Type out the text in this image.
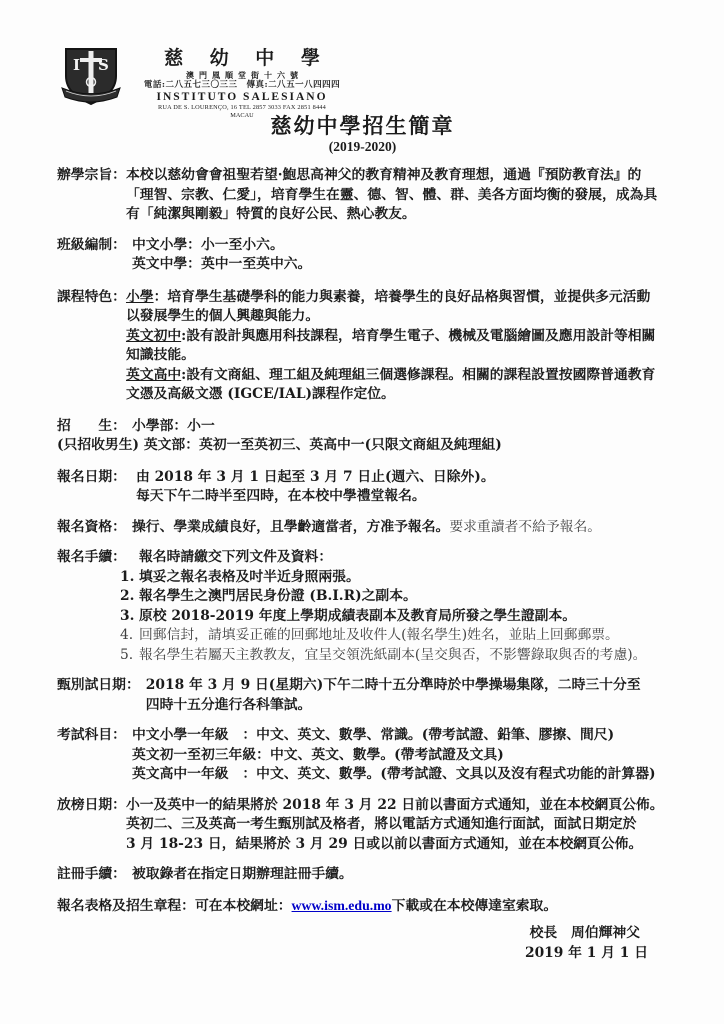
I S	慈 幼 中 學
澳門風順堂街十六號
電話:二八五七三〇三三　傳真:二八五一八四四四
INSTITUTO SALESIANO
RUA DE S. LOURENÇO, 16 TEL 2857 3033 FAX 2851 8444
MACAU 慈幼中學招生簡章
(2019-2020)
辦學宗旨： 本校以慈幼會會祖聖若望·鮑思高神父的教育精神及教育理想，通過『預防教育法』的
「理智、宗教、仁愛」，培育學生在靈、德、智、體、群、美各方面均衡的發展，成為具
有「純潔與剛毅」特質的良好公民、熱心教友。
班級編制： 中文小學：小一至小六。
英文中學：英中一至英中六。
課程特色： 小學：培育學生基礎學科的能力與素養，培養學生的良好品格與習慣，並提供多元活動
以發展學生的個人興趣與能力。
英文初中:設有設計與應用科技課程，培育學生電子、機械及電腦繪圖及應用設計等相關
知識技能。
英文高中:設有文商組、理工組及純理組三個選修課程。相關的課程設置按國際普通教育
文憑及高級文憑 (IGCE/IAL)課程作定位。
招　　生： 小學部：小一
(只招收男生) 英文部：英初一至英初三、英高中一(只限文商組及純理組)
報名日期： 由 2018 年 3 月 1 日起至 3 月 7 日止(週六、日除外)。
每天下午二時半至四時，在本校中學禮堂報名。
報名資格： 操行、學業成績良好，且學齡適當者，方准予報名。要求重讀者不給予報名。
報名手續： 報名時請繳交下列文件及資料：
1. 填妥之報名表格及吋半近身照兩張。
2. 報名學生之澳門居民身份證 (B.I.R)之副本。
3. 原校 2018-2019 年度上學期成績表副本及教育局所發之學生證副本。
4. 回郵信封，請填妥正確的回郵地址及收件人(報名學生)姓名，並貼上回郵郵票。
5. 報名學生若屬天主教教友，宜呈交領洗紙副本(呈交與否，不影響錄取與否的考慮)。
甄別試日期： 2018 年 3 月 9 日(星期六)下午二時十五分準時於中學操場集隊，二時三十分至
四時十五分進行各科筆試。
考試科目： 中文小學一年級　：中文、英文、數學、常識。(帶考試證、鉛筆、膠擦、間尺)
英文初一至初三年級：中文、英文、數學。(帶考試證及文具)
英文高中一年級　：中文、英文、數學。(帶考試證、文具以及沒有程式功能的計算器)
放榜日期： 小一及英中一的結果將於 2018 年 3 月 22 日前以書面方式通知，並在本校網頁公佈。
英初二、三及英高一考生甄別試及格者，將以電話方式通知進行面試，面試日期定於
3 月 18-23 日，結果將於 3 月 29 日或以前以書面方式通知，並在本校網頁公佈。
註冊手續： 被取錄者在指定日期辦理註冊手續。
報名表格及招生章程：可在本校網址：www.ism.edu.mo下載或在本校傳達室索取。
校長　周伯輝神父
2019 年 1 月 1 日
